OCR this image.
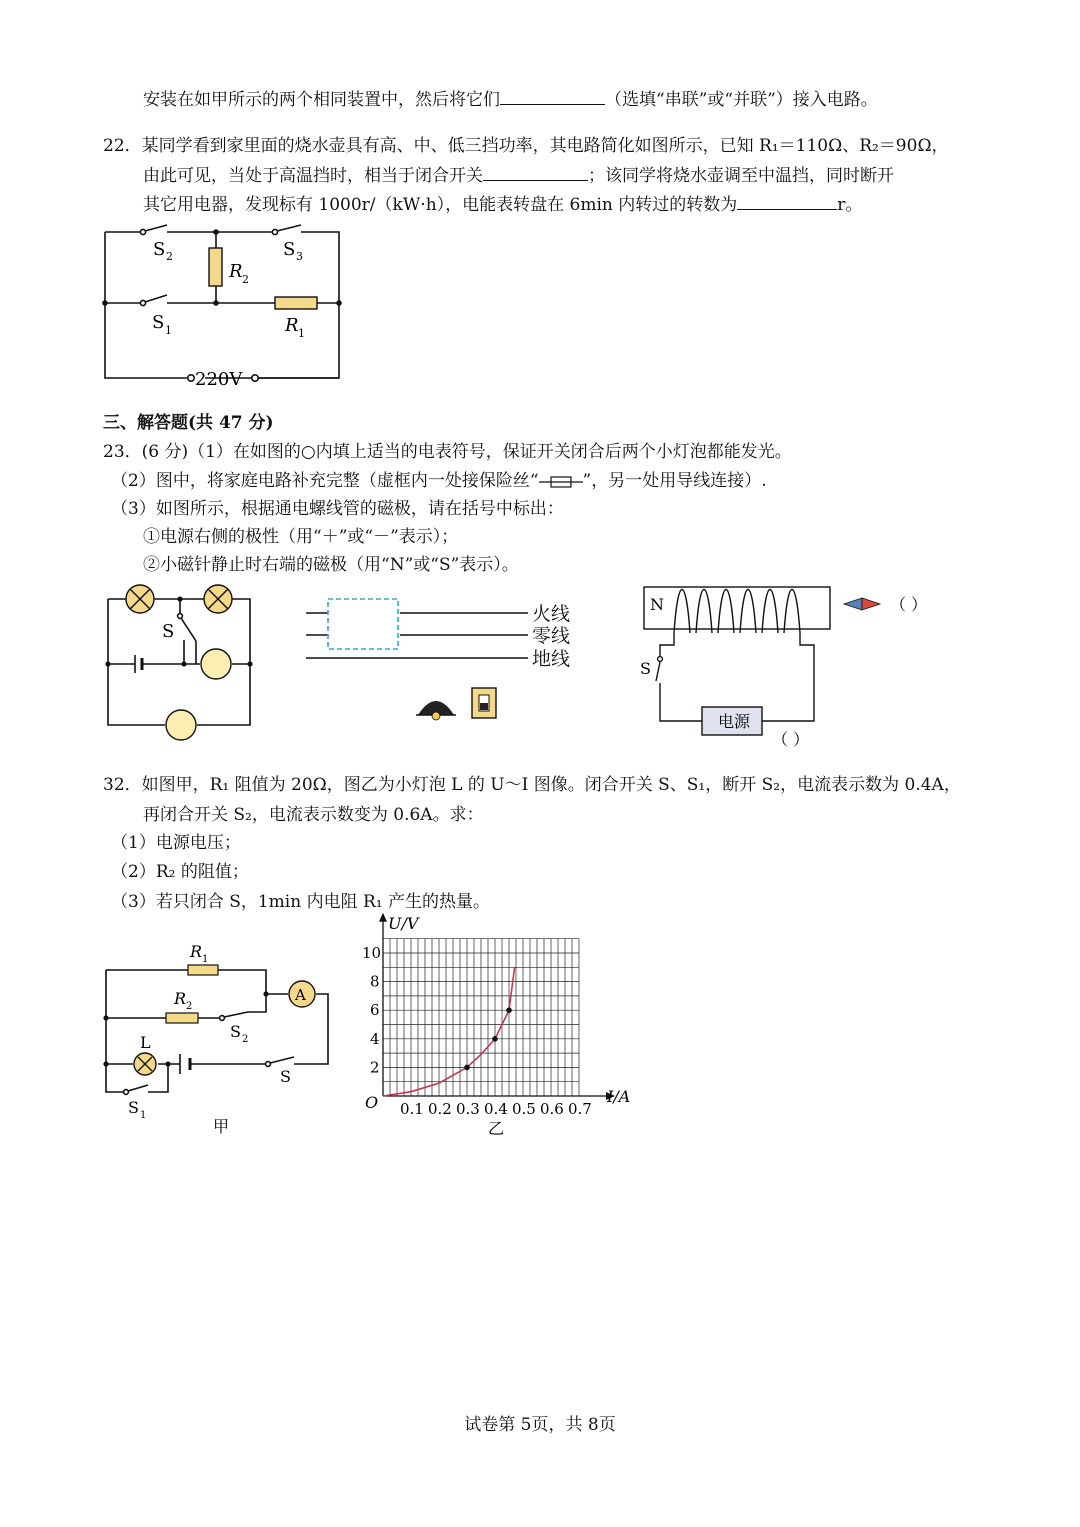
安装在如甲所示的两个相同装置中，然后将它们	（选填“串联”或“并联”）接入电路。
22．某同学看到家里面的烧水壶具有高、中、低三挡功率，其电路简化如图所示，已知 R₁＝110Ω、R₂＝90Ω，
由此可见，当处于高温挡时，相当于闭合开关	；该同学将烧水壶调至中温挡，同时断开
其它用电器，发现标有 1000r/（kW·h），电能表转盘在 6min 内转过的转数为	r。
S 2	S 3
R 2
S 1	R 1
220V
三、解答题(共 47 分)
23．(6 分)（1）在如图的○内填上适当的电表符号，保证开关闭合后两个小灯泡都能发光。
（2）图中，将家庭电路补充完整（虚框内一处接保险丝“	”，另一处用导线连接）.
（3）如图所示，根据通电螺线管的磁极，请在括号中标出：
①电源右侧的极性（用“＋”或“－”表示）；
②小磁针静止时右端的磁极（用“N”或“S”表示）。
S
火线
零线
地线
电源
N
S
（ ）
（ ）
32．如图甲，R₁ 阻值为 20Ω，图乙为小灯泡 L 的 U～I 图像。闭合开关 S、S₁，断开 S₂，电流表示数为 0.4A，
再闭合开关 S₂，电流表示数变为 0.6A。求：
（1）电源电压；
（2）R₂ 的阻值；
（3）若只闭合 S，1min 内电阻 R₁ 产生的热量。
A
R 1
R 2
S 2
L
S
S 1
甲
0.1 0.2 0.3 0.4 0.5 0.6 0.7
2
4
6
8
10
U/V
I/A
O
乙
试卷第 5页，共 8页
